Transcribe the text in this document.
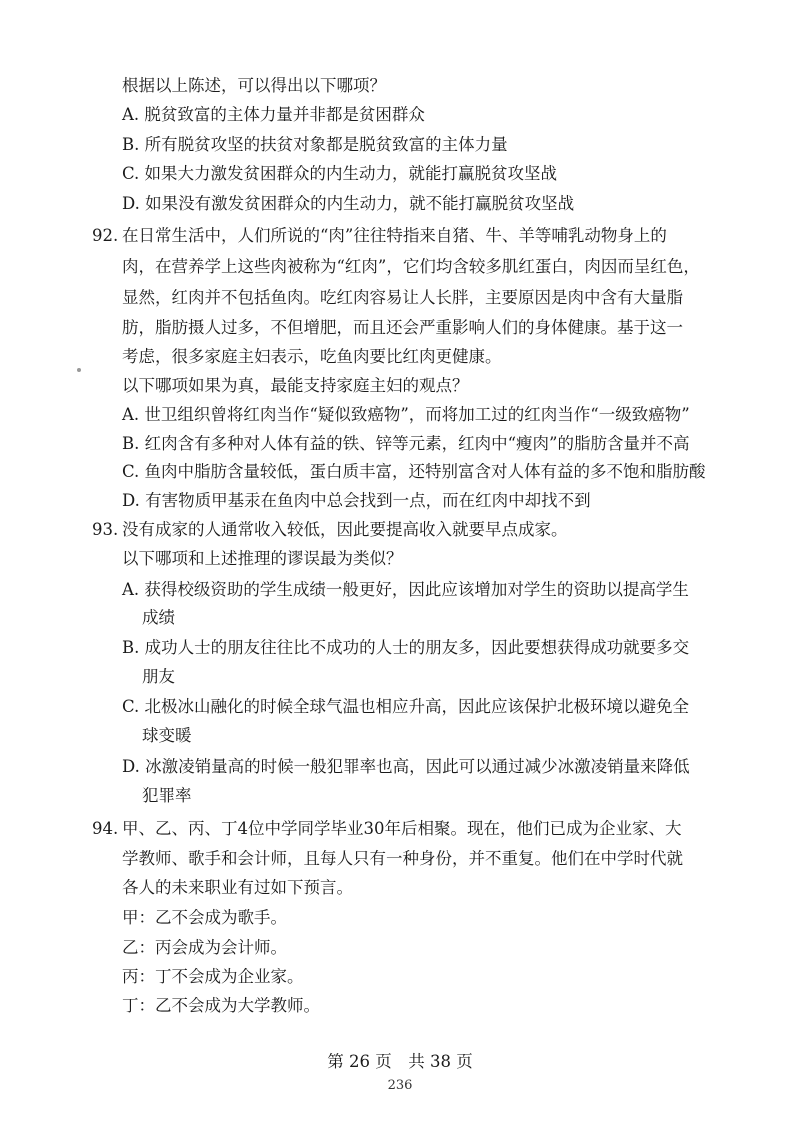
根据以上陈述，可以得出以下哪项？
A. 脱贫致富的主体力量并非都是贫困群众
B. 所有脱贫攻坚的扶贫对象都是脱贫致富的主体力量
C. 如果大力激发贫困群众的内生动力，就能打赢脱贫攻坚战
D. 如果没有激发贫困群众的内生动力，就不能打赢脱贫攻坚战
92. 在日常生活中，人们所说的“肉”往往特指来自猪、牛、羊等哺乳动物身上的
肉，在营养学上这些肉被称为“红肉”，它们均含较多肌红蛋白，肉因而呈红色，
显然，红肉并不包括鱼肉。吃红肉容易让人长胖，主要原因是肉中含有大量脂
肪，脂肪摄人过多，不但增肥，而且还会严重影响人们的身体健康。基于这一
考虑，很多家庭主妇表示，吃鱼肉要比红肉更健康。
以下哪项如果为真，最能支持家庭主妇的观点？
A. 世卫组织曾将红肉当作“疑似致癌物”，而将加工过的红肉当作“一级致癌物”
B. 红肉含有多种对人体有益的铁、锌等元素，红肉中“瘦肉”的脂肪含量并不高
C. 鱼肉中脂肪含量较低，蛋白质丰富，还特别富含对人体有益的多不饱和脂肪酸
D. 有害物质甲基汞在鱼肉中总会找到一点，而在红肉中却找不到
93. 没有成家的人通常收入较低，因此要提高收入就要早点成家。
以下哪项和上述推理的谬误最为类似？
A. 获得校级资助的学生成绩一般更好，因此应该增加对学生的资助以提高学生
成绩
B. 成功人士的朋友往往比不成功的人士的朋友多，因此要想获得成功就要多交
朋友
C. 北极冰山融化的时候全球气温也相应升高，因此应该保护北极环境以避免全
球变暖
D. 冰激凌销量高的时候一般犯罪率也高，因此可以通过减少冰激凌销量来降低
犯罪率
94. 甲、乙、丙、丁4位中学同学毕业30年后相聚。现在，他们已成为企业家、大
学教师、歌手和会计师，且每人只有一种身份，并不重复。他们在中学时代就
各人的未来职业有过如下预言。
甲：乙不会成为歌手。
乙：丙会成为会计师。
丙：丁不会成为企业家。
丁：乙不会成为大学教师。
第 26 页　共 38 页
236
